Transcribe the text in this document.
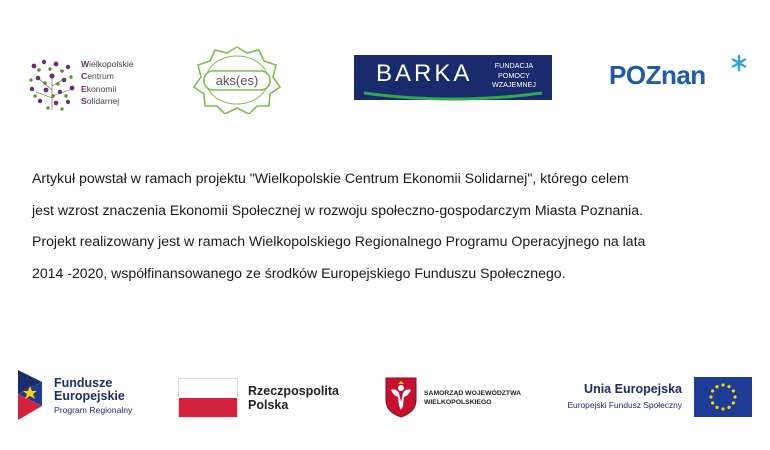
Wielkopolskie
Centrum
Ekonomii
Solidarnej
aks(es)	BARKA	FUNDACJA
POMOCY
WZAJEMNEJ	POZnan
Artykuł powstał w ramach projektu "Wielkopolskie Centrum Ekonomii Solidarnej", którego celem
jest wzrost znaczenia Ekonomii Społecznej w rozwoju społeczno-gospodarczym Miasta Poznania.
Projekt realizowany jest w ramach Wielkopolskiego Regionalnego Programu Operacyjnego na lata
2014 -2020, współfinansowanego ze środków Europejskiego Funduszu Społecznego.
Fundusze
Europejskie
Program Regionalny
Rzeczpospolita
Polska
SAMORZĄD WOJEWÓDZTWA
WIELKOPOLSKIEGO
Unia Europejska
Europejski Fundusz Społeczny
